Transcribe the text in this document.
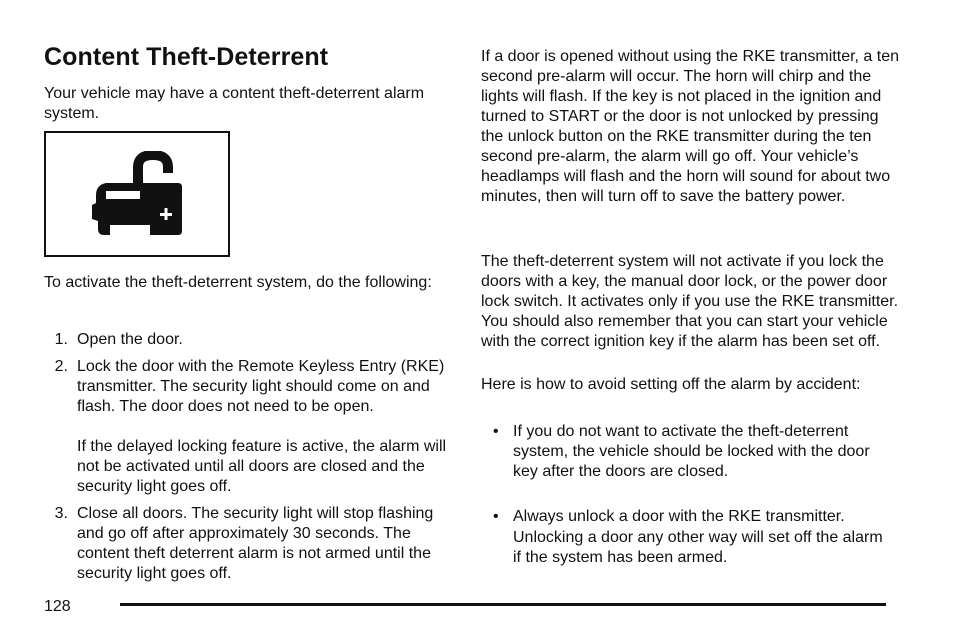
Content Theft-Deterrent

Your vehicle may have a content theft-deterrent alarm system.

To activate the theft-deterrent system, do the following:

1. Open the door.

2. Lock the door with the Remote Keyless Entry (RKE) transmitter. The security light should come on and flash. The door does not need to be open.

If the delayed locking feature is active, the alarm will not be activated until all doors are closed and the security light goes off.

3. Close all doors. The security light will stop flashing and go off after approximately 30 seconds. The content theft deterrent alarm is not armed until the security light goes off.

If a door is opened without using the RKE transmitter, a ten second pre-alarm will occur. The horn will chirp and the lights will flash. If the key is not placed in the ignition and turned to START or the door is not unlocked by pressing the unlock button on the RKE transmitter during the ten second pre-alarm, the alarm will go off. Your vehicle’s headlamps will flash and the horn will sound for about two minutes, then will turn off to save the battery power.

The theft-deterrent system will not activate if you lock the doors with a key, the manual door lock, or the power door lock switch. It activates only if you use the RKE transmitter. You should also remember that you can start your vehicle with the correct ignition key if the alarm has been set off.

Here is how to avoid setting off the alarm by accident:

• If you do not want to activate the theft-deterrent system, the vehicle should be locked with the door key after the doors are closed.

• Always unlock a door with the RKE transmitter.

Unlocking a door any other way will set off the alarm if the system has been armed.

128
